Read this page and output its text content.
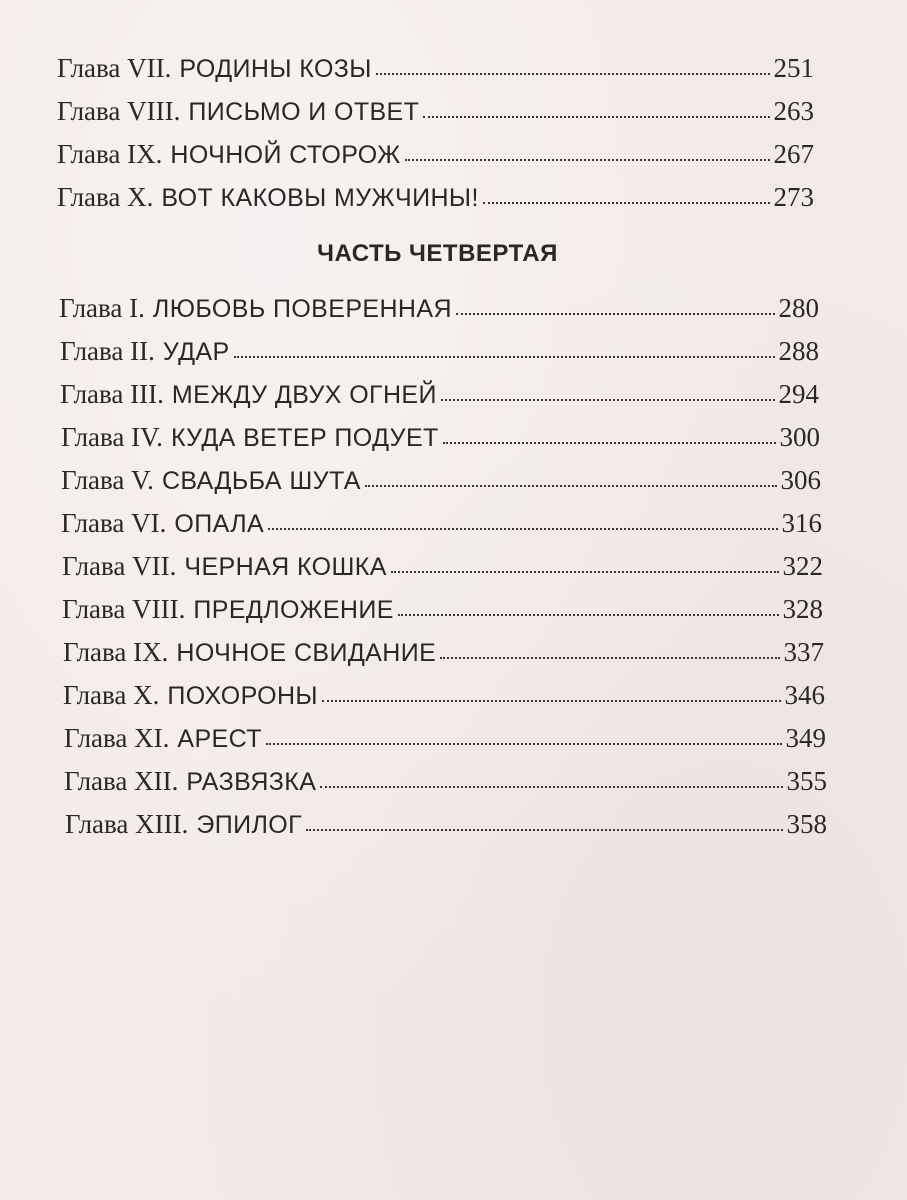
Глава VII. РОДИНЫ КОЗЫ	251
Глава VIII. ПИСЬМО И ОТВЕТ	263
Глава IX. НОЧНОЙ СТОРОЖ	267
Глава X. ВОТ КАКОВЫ МУЖЧИНЫ!	273
ЧАСТЬ ЧЕТВЕРТАЯ
Глава I. ЛЮБОВЬ ПОВЕРЕННАЯ	280
Глава II. УДАР	288
Глава III. МЕЖДУ ДВУХ ОГНЕЙ	294
Глава IV. КУДА ВЕТЕР ПОДУЕТ	300
Глава V. СВАДЬБА ШУТА	306
Глава VI. ОПАЛА	316
Глава VII. ЧЕРНАЯ КОШКА	322
Глава VIII. ПРЕДЛОЖЕНИЕ	328
Глава IX. НОЧНОЕ СВИДАНИЕ	337
Глава X. ПОХОРОНЫ	346
Глава XI. АРЕСТ	349
Глава XII. РАЗВЯЗКА	355
Глава XIII. ЭПИЛОГ	358
